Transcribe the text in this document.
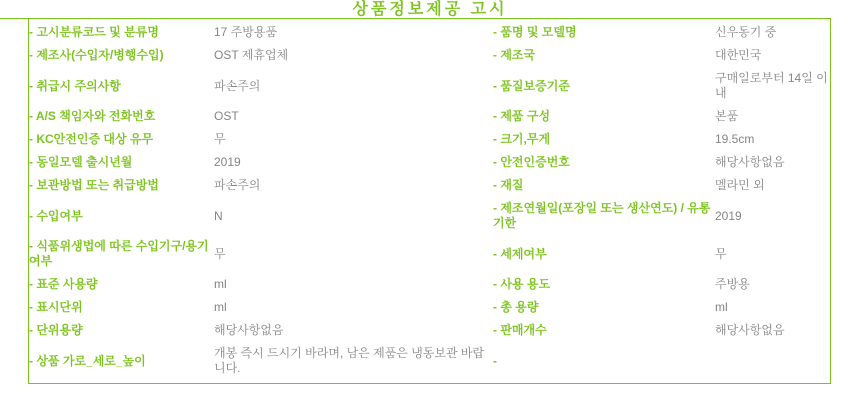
상품정보제공 고시
- 고시분류코드 및 분류명	17 주방용품	- 품명 및 모델명	신우동기 중
- 제조사(수입자/병행수입)	OST 제휴업체	- 제조국	대한민국
- 취급시 주의사항	파손주의	- 품질보증기준	구매일로부터 14일 이내
- A/S 책임자와 전화번호	OST	- 제품 구성	본품
- KC안전인증 대상 유무	무	- 크기,무게	19.5cm
- 동일모델 출시년월	2019	- 안전인증번호	해당사항없음
- 보관방법 또는 취급방법	파손주의	- 재질	멜라민 외
- 수입여부	N	- 제조연월일(포장일 또는 생산연도) / 유통기한	2019
- 식품위생법에 따른 수입기구/용기 여부	무	- 세제여부	무
- 표준 사용량	ml	- 사용 용도	주방용
- 표시단위	ml	- 총 용량	ml
- 단위용량	해당사항없음	- 판매개수	해당사항없음
- 상품 가로_세로_높이	개봉 즉시 드시기 바라며, 남은 제품은 냉동보관 바랍니다.	-	
